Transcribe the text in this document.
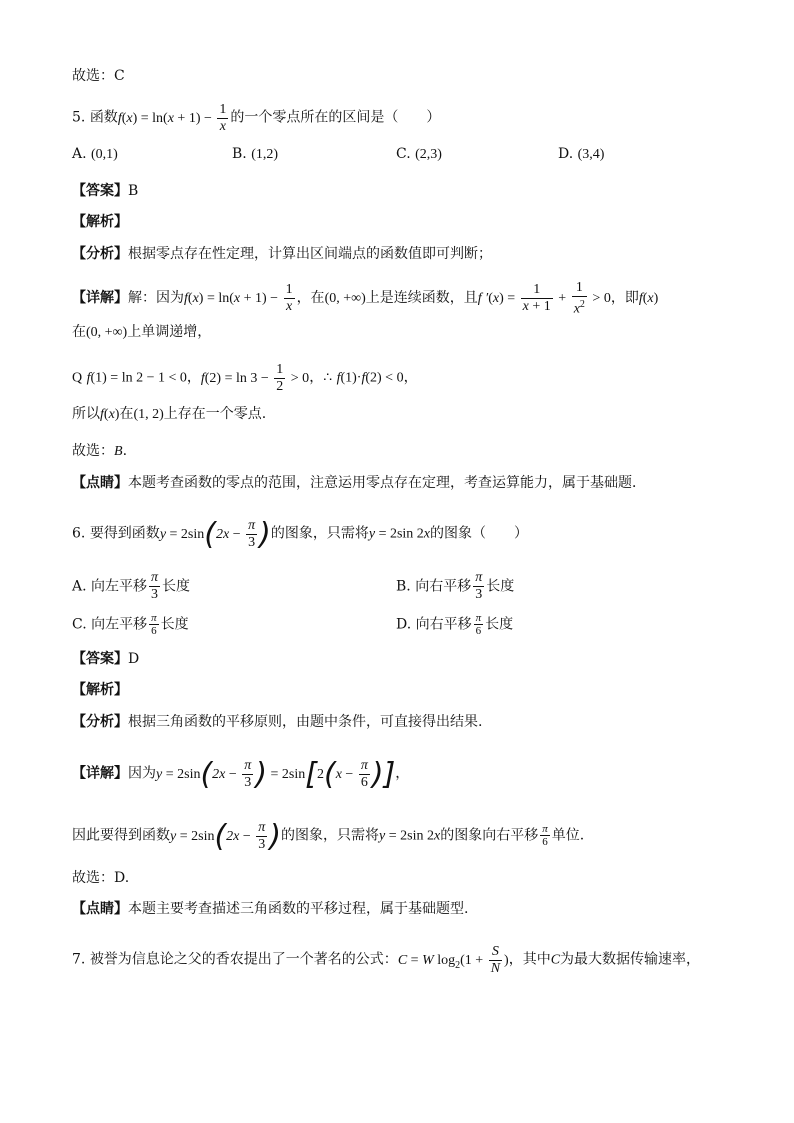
故选：C
5. 函数$f(x) = \ln(x + 1) - \frac{1}{x}$ 的一个零点所在的区间是（　　）
A. (0,1)	B. (1,2)	C. (2,3)	D. (3,4)
【答案】B
【解析】
【分析】根据零点存在性定理，计算出区间端点的函数值即可判断；
【详解】解：因为$f(x) = \ln(x + 1) - \frac{1}{x}$ ，在(0, +∞)上是连续函数，且f $'(x) = \frac{1}{x + 1} + \frac{1}{x^2} > 0$，即f(x)
在(0, +∞)上单调递增，
Q f(1) = ln 2 − 1 < 0，$f(2) = \ln 3 - \frac{1}{2} > 0$，∴ f(1)·f(2) < 0，
所以f(x)在(1, 2)上存在一个零点.
故选：B.
【点睛】本题考查函数的零点的范围，注意运用零点存在定理，考查运算能力，属于基础题．
6. 要得到函数$y = 2\sin(2x - \frac{\pi}{3}$ )的图象，只需将y = 2sin 2x的图象（　　）
A. 向左平移 $\frac{\pi}{3}$ 长度	B. 向右平移 $\frac{\pi}{3}$ 长度
C. 向左平移 $\frac{\pi}{6}$ 长度	D. 向右平移 $\frac{\pi}{6}$ 长度
【答案】D
【解析】
【分析】根据三角函数的平移原则，由题中条件，可直接得出结果.
【详解】因为$y = 2\sin(2x - \frac{\pi}{3}$ ) = $2\sin[2(x - \frac{\pi}{6}$ )]，
因此要得到函数$y = 2\sin(2x - \frac{\pi}{3}$ )的图象，只需将y = 2sin 2x的图象向右平移 $\frac{\pi}{6}$ 单位.
故选：D.
【点睛】本题主要考查描述三角函数的平移过程，属于基础题型.
7. 被誉为信息论之父的香农提出了一个著名的公式：C = W $\log_2(1 + \frac{S}{N}$ )，其中C为最大数据传输速率，
